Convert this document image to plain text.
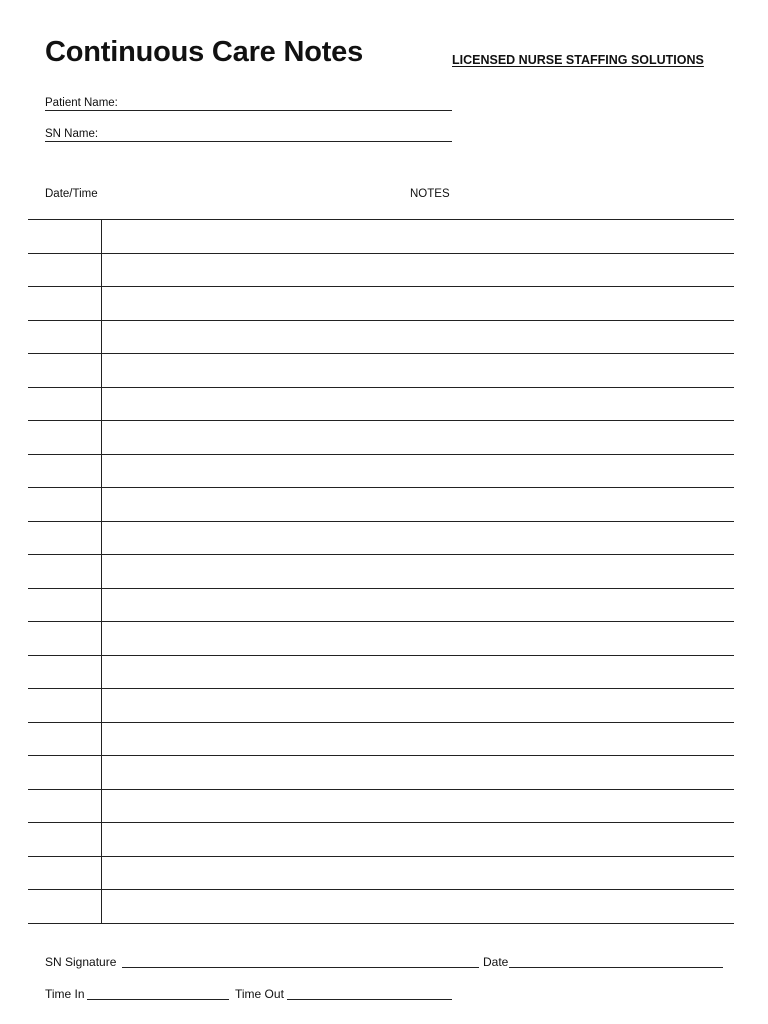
Continuous Care Notes	LICENSED NURSE STAFFING SOLUTIONS
Patient Name:
SN Name:
Date/Time	NOTES
SN Signature	Date
Time In	Time Out
